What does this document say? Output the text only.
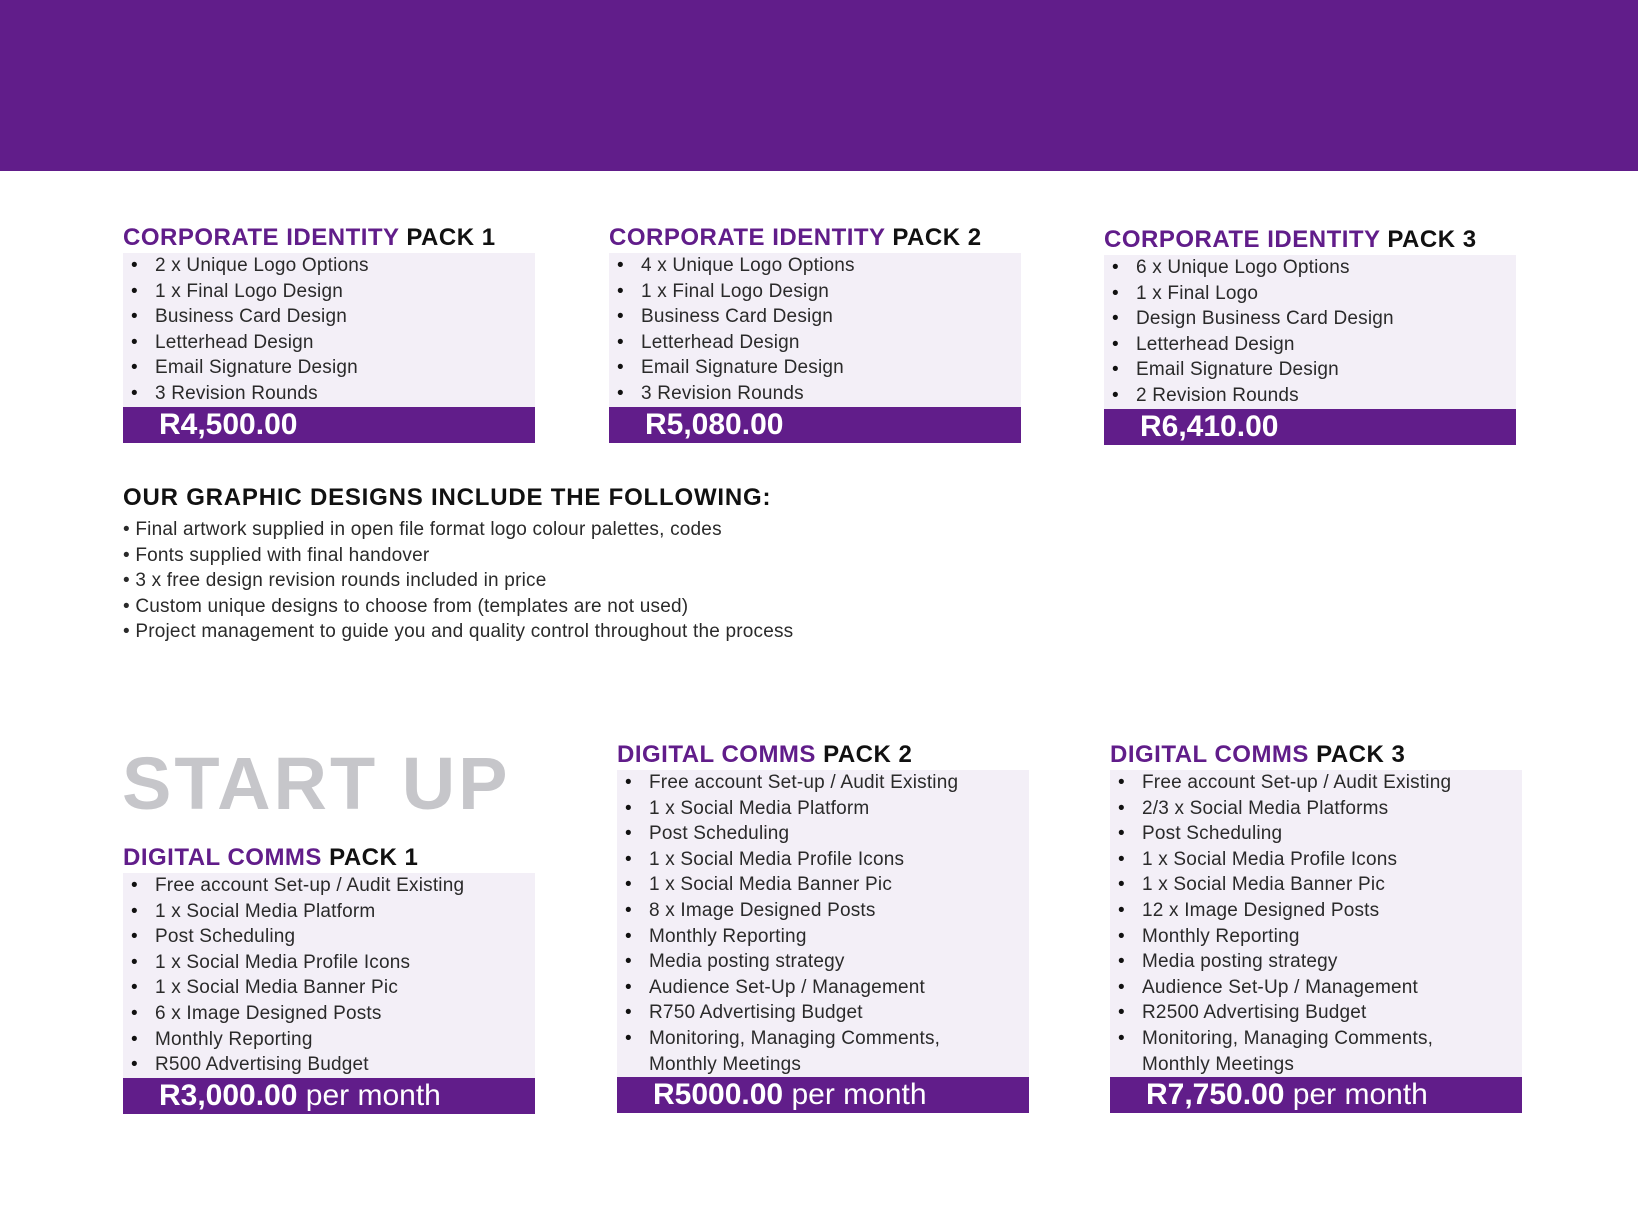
CORPORATE IDENTITY PACK 1
• 2 x Unique Logo Options
• 1 x Final Logo Design
• Business Card Design
• Letterhead Design
• Email Signature Design
• 3 Revision Rounds
R4,500.00
CORPORATE IDENTITY PACK 2
• 4 x Unique Logo Options
• 1 x Final Logo Design
• Business Card Design
• Letterhead Design
• Email Signature Design
• 3 Revision Rounds
R5,080.00
CORPORATE IDENTITY PACK 3
• 6 x Unique Logo Options
• 1 x Final Logo
• Design Business Card Design
• Letterhead Design
• Email Signature Design
• 2 Revision Rounds
R6,410.00
OUR GRAPHIC DESIGNS INCLUDE THE FOLLOWING:
• Final artwork supplied in open file format logo colour palettes, codes
• Fonts supplied with final handover
• 3 x free design revision rounds included in price
• Custom unique designs to choose from (templates are not used)
• Project management to guide you and quality control throughout the process
START UP
DIGITAL COMMS PACK 1
• Free account Set-up / Audit Existing
• 1 x Social Media Platform
• Post Scheduling
• 1 x Social Media Profile Icons
• 1 x Social Media Banner Pic
• 6 x Image Designed Posts
• Monthly Reporting
• R500 Advertising Budget
R3,000.00 per month
DIGITAL COMMS PACK 2
• Free account Set-up / Audit Existing
• 1 x Social Media Platform
• Post Scheduling
• 1 x Social Media Profile Icons
• 1 x Social Media Banner Pic
• 8 x Image Designed Posts
• Monthly Reporting
• Media posting strategy
• Audience Set-Up / Management
• R750 Advertising Budget
• Monitoring, Managing Comments,
Monthly Meetings
R5000.00 per month
DIGITAL COMMS PACK 3
• Free account Set-up / Audit Existing
• 2/3 x Social Media Platforms
• Post Scheduling
• 1 x Social Media Profile Icons
• 1 x Social Media Banner Pic
• 12 x Image Designed Posts
• Monthly Reporting
• Media posting strategy
• Audience Set-Up / Management
• R2500 Advertising Budget
• Monitoring, Managing Comments,
Monthly Meetings
R7,750.00 per month
